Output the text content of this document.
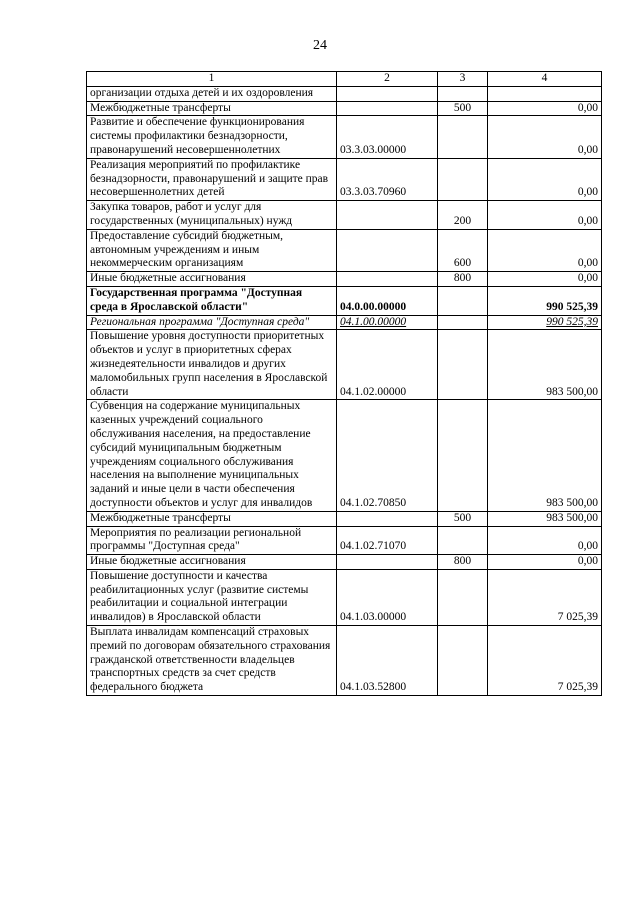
24
1	2	3	4
организации отдыха детей и их оздоровления			
Межбюджетные трансферты		500	0,00
Развитие и обеспечение функционирования системы профилактики безнадзорности, правонарушений несовершеннолетних	03.3.03.00000		0,00
Реализация мероприятий по профилактике безнадзорности, правонарушений и защите прав несовершеннолетних детей	03.3.03.70960		0,00
Закупка товаров, работ и услуг для государственных (муниципальных) нужд		200	0,00
Предоставление субсидий бюджетным, автономным учреждениям и иным некоммерческим организациям		600	0,00
Иные бюджетные ассигнования		800	0,00
Государственная программа "Доступная среда в Ярославской области"	04.0.00.00000		990 525,39
Региональная программа "Доступная среда"	04.1.00.00000		990 525,39
Повышение уровня доступности приоритетных объектов и услуг в приоритетных сферах жизнедеятельности инвалидов и других маломобильных групп населения в Ярославской области	04.1.02.00000		983 500,00
Субвенция на содержание муниципальных казенных учреждений социального обслуживания населения, на предоставление субсидий муниципальным бюджетным учреждениям социального обслуживания населения на выполнение муниципальных заданий и иные цели в части обеспечения доступности объектов и услуг для инвалидов	04.1.02.70850		983 500,00
Межбюджетные трансферты		500	983 500,00
Мероприятия по реализации региональной программы "Доступная среда"	04.1.02.71070		0,00
Иные бюджетные ассигнования		800	0,00
Повышение доступности и качества реабилитационных услуг (развитие системы реабилитации и социальной интеграции инвалидов) в Ярославской области	04.1.03.00000		7 025,39
Выплата инвалидам компенсаций страховых премий по договорам обязательного страхования гражданской ответственности владельцев транспортных средств за счет средств федерального бюджета	04.1.03.52800		7 025,39
